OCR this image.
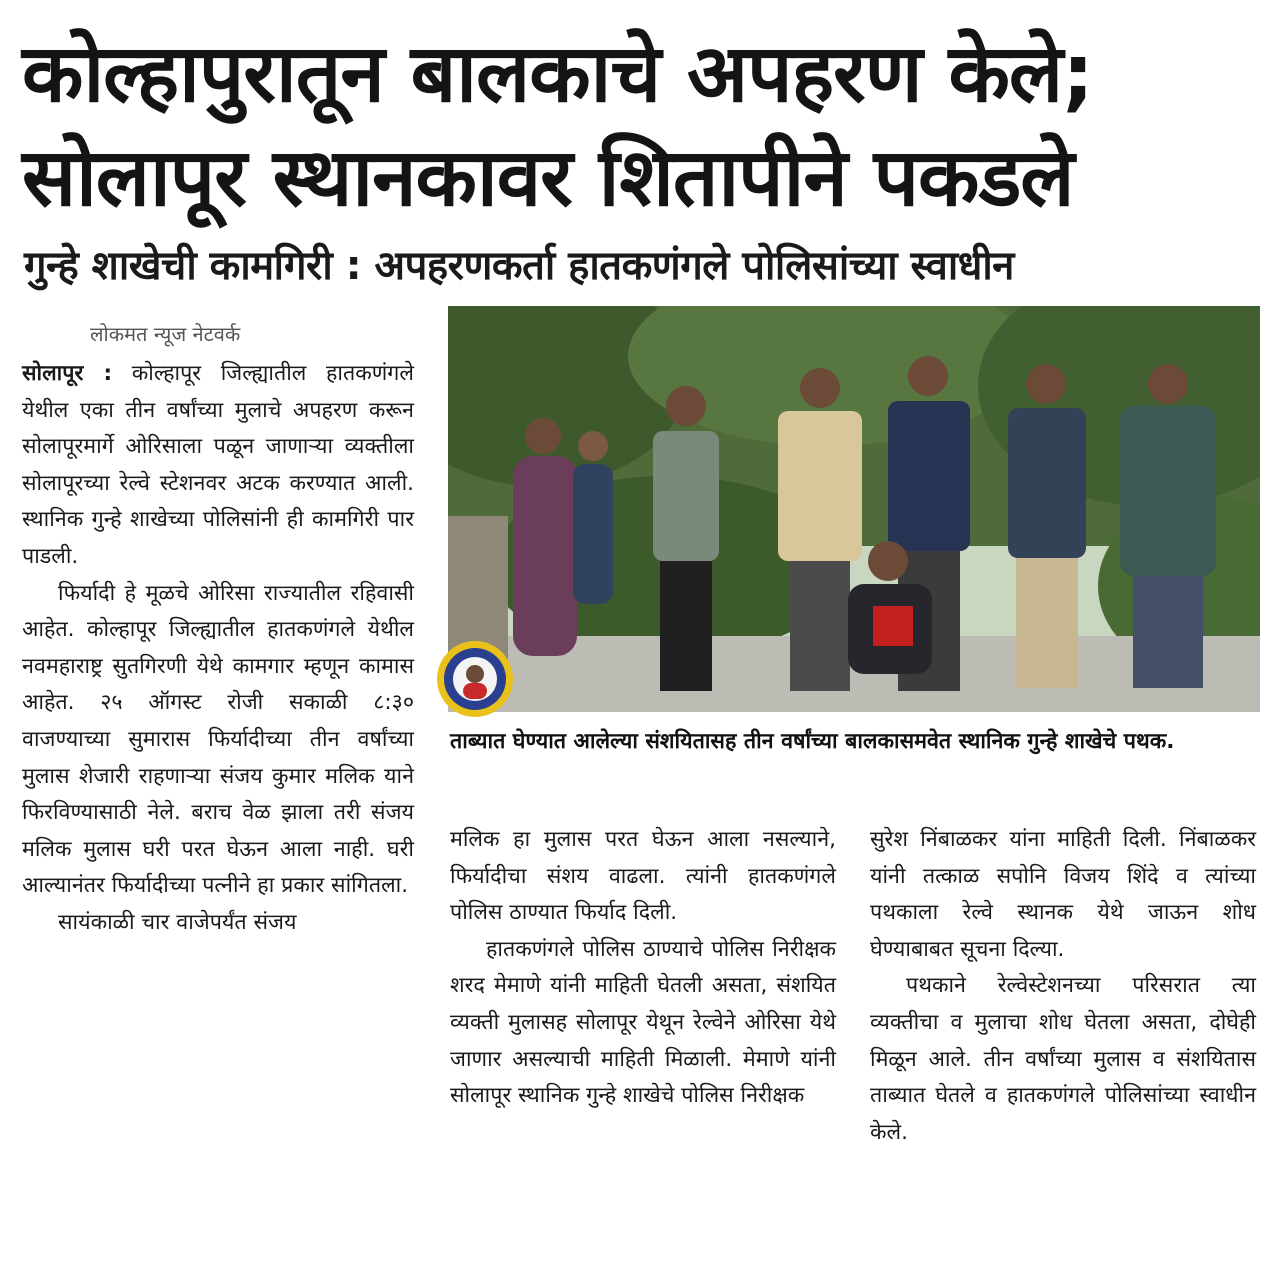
कोल्हापुरातून बालकाचे अपहरण केले;
सोलापूर स्थानकावर शितापीने पकडले
गुन्हे शाखेची कामगिरी : अपहरणकर्ता हातकणंगले पोलिसांच्या स्वाधीन
लोकमत न्यूज नेटवर्क

सोलापूर : कोल्हापूर जिल्ह्यातील हातकणंगले येथील एका तीन वर्षांच्या मुलाचे अपहरण करून सोलापूरमार्गे ओरिसाला पळून जाणाऱ्या व्यक्तीला सोलापूरच्या रेल्वे स्टेशनवर अटक करण्यात आली. स्थानिक गुन्हे शाखेच्या पोलिसांनी ही कामगिरी पार पाडली.

फिर्यादी हे मूळचे ओरिसा राज्यातील रहिवासी आहेत. कोल्हापूर जिल्ह्यातील हातकणंगले येथील नवमहाराष्ट्र सुतगिरणी येथे कामगार म्हणून कामास आहेत. २५ ऑगस्ट रोजी सकाळी ८:३० वाजण्याच्या सुमारास फिर्यादीच्या तीन वर्षांच्या मुलास शेजारी राहणाऱ्या संजय कुमार मलिक याने फिरविण्यासाठी नेले. बराच वेळ झाला तरी संजय मलिक मुलास घरी परत घेऊन आला नाही. घरी आल्यानंतर फिर्यादीच्या पत्नीने हा प्रकार सांगितला.

सायंकाळी चार वाजेपर्यंत संजय

ताब्यात घेण्यात आलेल्या संशयितासह तीन वर्षांच्या बालकासमवेत स्थानिक गुन्हे शाखेचे पथक.

मलिक हा मुलास परत घेऊन आला नसल्याने, फिर्यादीचा संशय वाढला. त्यांनी हातकणंगले पोलिस ठाण्यात फिर्याद दिली.

हातकणंगले पोलिस ठाण्याचे पोलिस निरीक्षक शरद मेमाणे यांनी माहिती घेतली असता, संशयित व्यक्ती मुलासह सोलापूर येथून रेल्वेने ओरिसा येथे जाणार असल्याची माहिती मिळाली. मेमाणे यांनी सोलापूर स्थानिक गुन्हे शाखेचे पोलिस निरीक्षक

सुरेश निंबाळकर यांना माहिती दिली. निंबाळकर यांनी तत्काळ सपोनि विजय शिंदे व त्यांच्या पथकाला रेल्वे स्थानक येथे जाऊन शोध घेण्याबाबत सूचना दिल्या.

पथकाने रेल्वेस्टेशनच्या परिसरात त्या व्यक्तीचा व मुलाचा शोध घेतला असता, दोघेही मिळून आले. तीन वर्षांच्या मुलास व संशयितास ताब्यात घेतले व हातकणंगले पोलिसांच्या स्वाधीन केले.
